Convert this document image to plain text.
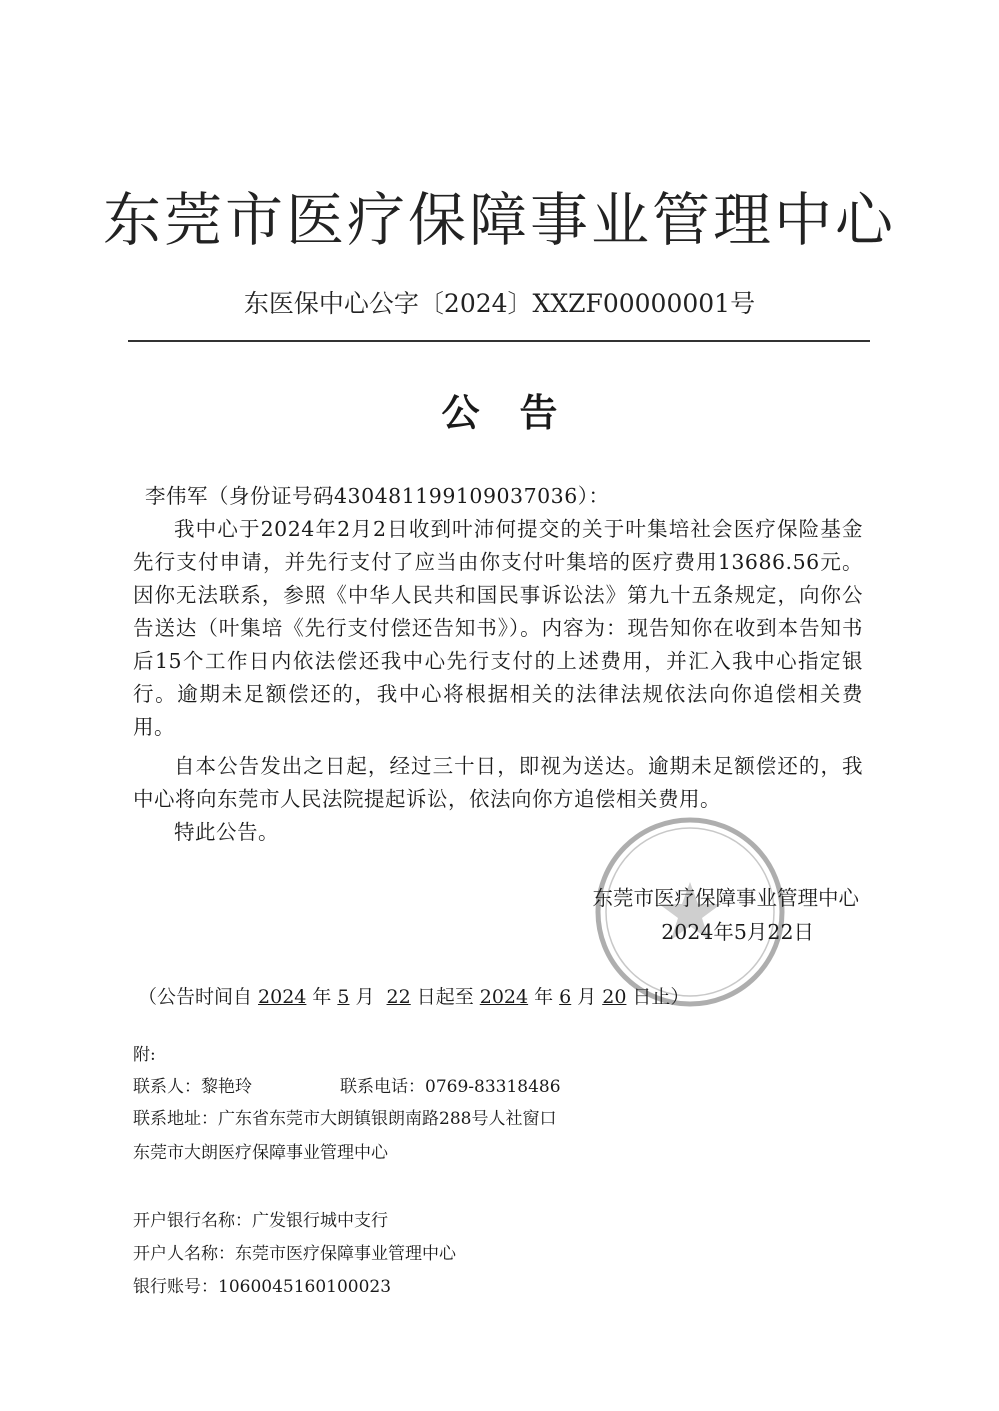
东莞市医疗保障事业管理中心
东医保中心公字〔2024〕XXZF00000001号
公告
李伟军（身份证号码430481199109037036）：
我中心于2024年2月2日收到叶沛何提交的关于叶集培社会医疗保险基金先行支付申请，并先行支付了应当由你支付叶集培的医疗费用13686.56元。因你无法联系，参照《中华人民共和国民事诉讼法》第九十五条规定，向你公告送达（叶集培《先行支付偿还告知书》）。内容为：现告知你在收到本告知书后15个工作日内依法偿还我中心先行支付的上述费用，并汇入我中心指定银行。逾期未足额偿还的，我中心将根据相关的法律法规依法向你追偿相关费用。
自本公告发出之日起，经过三十日，即视为送达。逾期未足额偿还的，我中心将向东莞市人民法院提起诉讼，依法向你方追偿相关费用。
特此公告。
东莞市医疗保障事业管理中心
2024年5月22日
（公告时间自 2024 年 5 月 22 日起至 2024 年 6 月 20 日止）
附:
联系人：黎艳玲	联系电话：0769-83318486
联系地址：广东省东莞市大朗镇银朗南路288号人社窗口
东莞市大朗医疗保障事业管理中心
开户银行名称：广发银行城中支行
开户人名称：东莞市医疗保障事业管理中心
银行账号：1060045160100023
